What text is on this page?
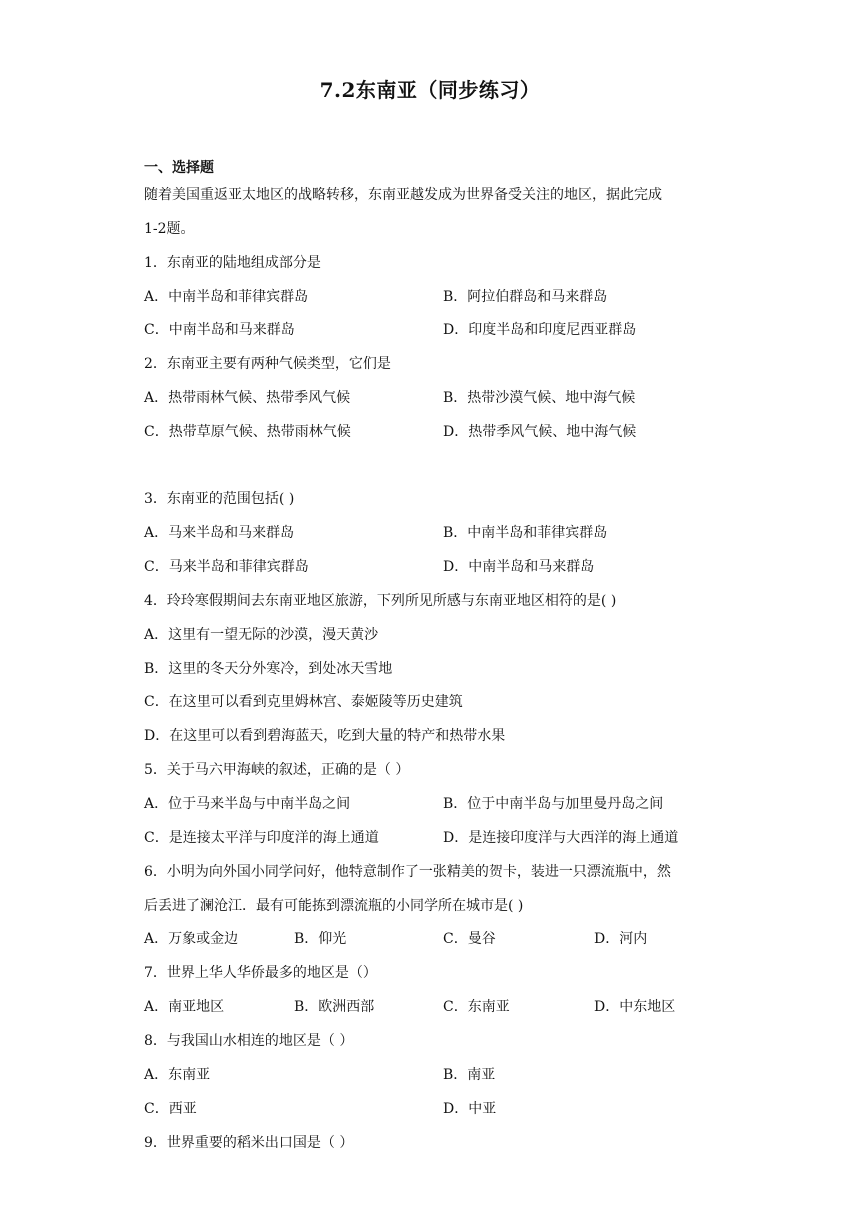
7.2东南亚（同步练习）
一、选择题
随着美国重返亚太地区的战略转移，东南亚越发成为世界备受关注的地区，据此完成
1-2题。
1．东南亚的陆地组成部分是
A．中南半岛和菲律宾群岛	B．阿拉伯群岛和马来群岛
C．中南半岛和马来群岛	D．印度半岛和印度尼西亚群岛
2．东南亚主要有两种气候类型，它们是
A．热带雨林气候、热带季风气候	B．热带沙漠气候、地中海气候
C．热带草原气候、热带雨林气候	D．热带季风气候、地中海气候
3．东南亚的范围包括( )
A．马来半岛和马来群岛	B．中南半岛和菲律宾群岛
C．马来半岛和菲律宾群岛	D．中南半岛和马来群岛
4．玲玲寒假期间去东南亚地区旅游，下列所见所感与东南亚地区相符的是( )
A．这里有一望无际的沙漠，漫天黄沙
B．这里的冬天分外寒冷，到处冰天雪地
C．在这里可以看到克里姆林宫、泰姬陵等历史建筑
D．在这里可以看到碧海蓝天，吃到大量的特产和热带水果
5．关于马六甲海峡的叙述，正确的是（ ）
A．位于马来半岛与中南半岛之间	B．位于中南半岛与加里曼丹岛之间
C．是连接太平洋与印度洋的海上通道	D．是连接印度洋与大西洋的海上通道
6．小明为向外国小同学问好，他特意制作了一张精美的贺卡，装进一只漂流瓶中，然
后丢进了澜沧江．最有可能拣到漂流瓶的小同学所在城市是( )
A．万象或金边	B．仰光	C．曼谷	D．河内
7．世界上华人华侨最多的地区是（）
A．南亚地区	B．欧洲西部	C．东南亚	D．中东地区
8．与我国山水相连的地区是（ ）
A．东南亚	B．南亚
C．西亚	D．中亚
9．世界重要的稻米出口国是（ ）
